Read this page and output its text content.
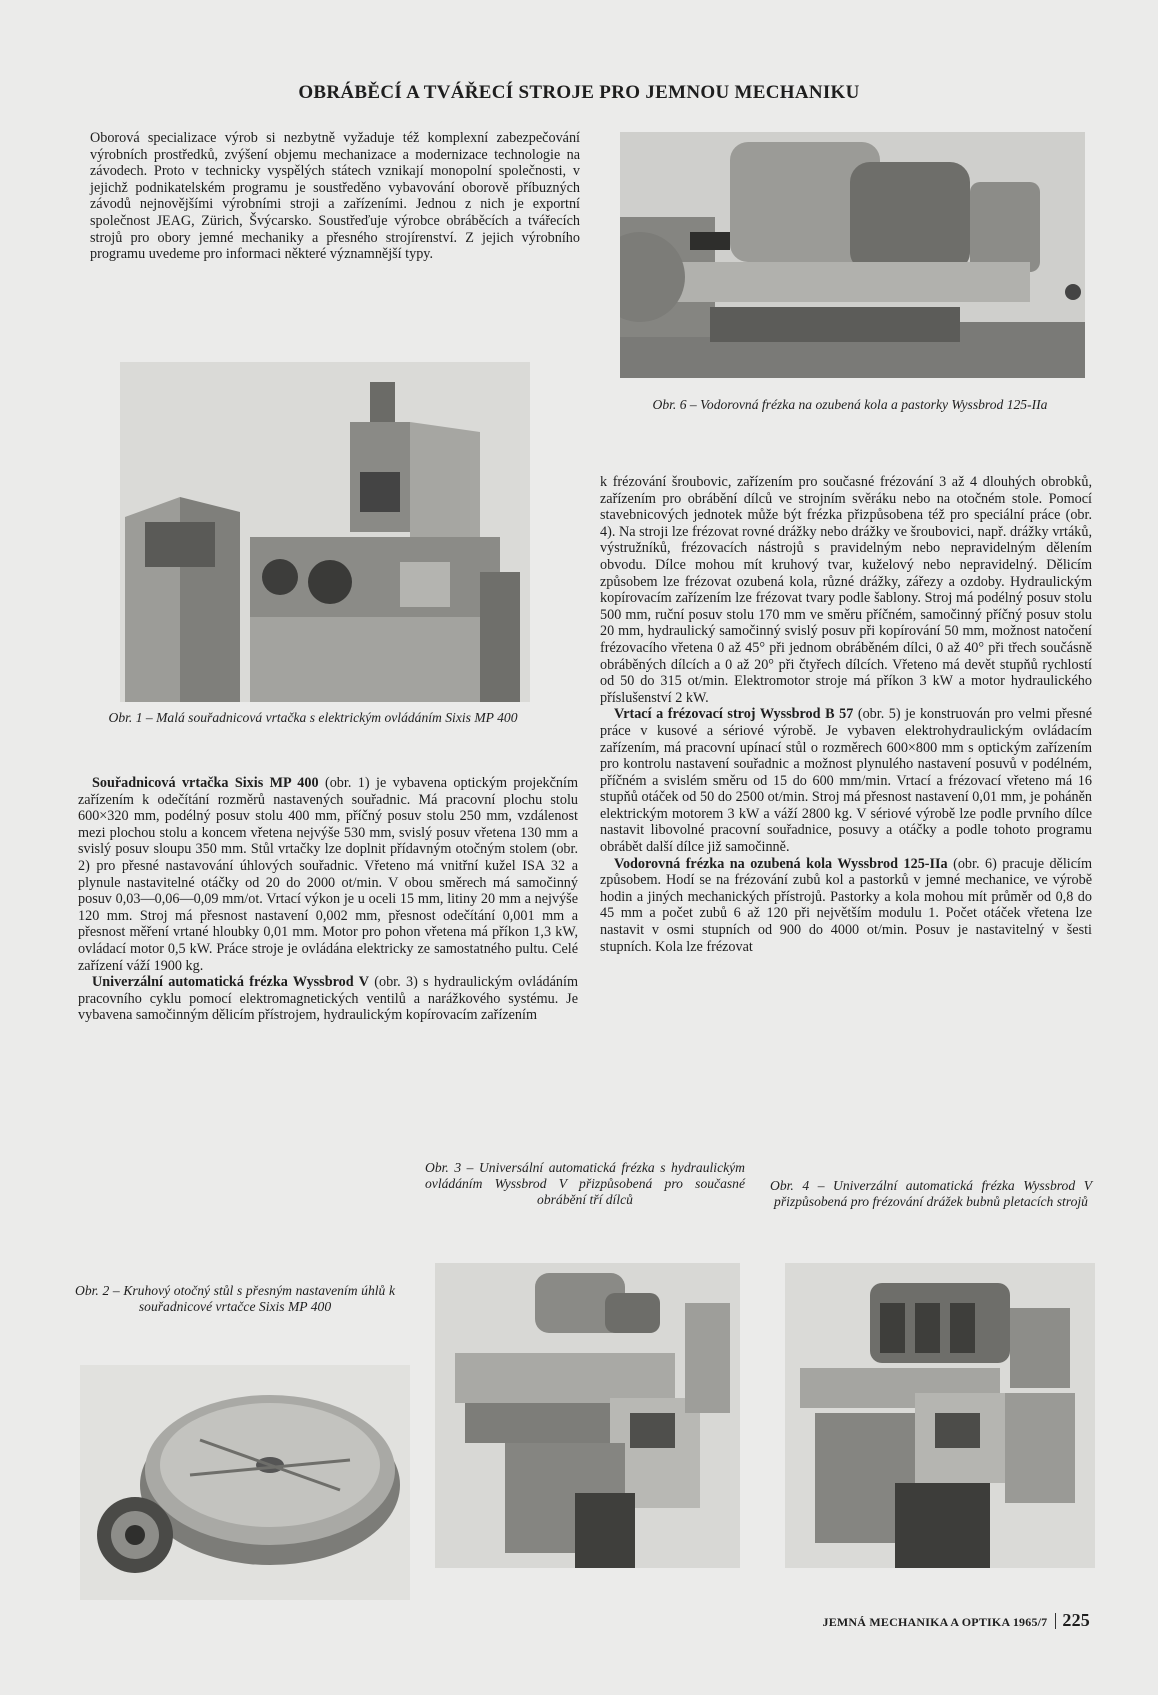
OBRÁBĚCÍ A TVÁŘECÍ STROJE PRO JEMNOU MECHANIKU

Oborová specializace výrob si nezbytně vyžaduje též komplexní zabezpečování výrobních prostředků, zvýšení objemu mechanizace a modernizace technologie na závodech. Proto v technicky vyspělých státech vznikají monopolní společnosti, v jejichž podnikatelském programu je soustředěno vybavování oborově příbuzných závodů nejnovějšími výrobními stroji a zařízeními. Jednou z nich je exportní společnost JEAG, Zürich, Švýcarsko. Soustřeďuje výrobce obráběcích a tvářecích strojů pro obory jemné mechaniky a přesného strojírenství. Z jejich výrobního programu uvedeme pro informaci některé významnější typy.

Obr. 6 – Vodorovná frézka na ozubená kola a pastorky Wyssbrod 125-IIa
Obr. 1 – Malá souřadnicová vrtačka s elektrickým ovládáním Sixis MP 400

Souřadnicová vrtačka Sixis MP 400 (obr. 1) je vybavena optickým projekčním zařízením k odečítání rozměrů nastavených souřadnic. Má pracovní plochu stolu 600×320 mm, podélný posuv stolu 400 mm, příčný posuv stolu 250 mm, vzdálenost mezi plochou stolu a koncem vřetena nejvýše 530 mm, svislý posuv vřetena 130 mm a svislý posuv sloupu 350 mm. Stůl vrtačky lze doplnit přídavným otočným stolem (obr. 2) pro přesné nastavování úhlových souřadnic. Vřeteno má vnitřní kužel ISA 32 a plynule nastavitelné otáčky od 20 do 2000 ot/min. V obou směrech má samočinný posuv 0,03—0,06—0,09 mm/ot. Vrtací výkon je u oceli 15 mm, litiny 20 mm a nejvýše 120 mm. Stroj má přesnost nastavení 0,002 mm, přesnost odečítání 0,001 mm a přesnost měření vrtané hloubky 0,01 mm. Motor pro pohon vřetena má příkon 1,3 kW, ovládací motor 0,5 kW. Práce stroje je ovládána elektricky ze samostatného pultu. Celé zařízení váží 1900 kg.

Univerzální automatická frézka Wyssbrod V (obr. 3) s hydraulickým ovládáním pracovního cyklu pomocí elektromagnetických ventilů a narážkového systému. Je vybavena samočinným dělicím přístrojem, hydraulickým kopírovacím zařízením

k frézování šroubovic, zařízením pro současné frézování 3 až 4 dlouhých obrobků, zařízením pro obrábění dílců ve strojním svěráku nebo na otočném stole. Pomocí stavebnicových jednotek může být frézka přizpůsobena též pro speciální práce (obr. 4). Na stroji lze frézovat rovné drážky nebo drážky ve šroubovici, např. drážky vrtáků, výstružníků, frézovacích nástrojů s pravidelným nebo nepravidelným dělením obvodu. Dílce mohou mít kruhový tvar, kuželový nebo nepravidelný. Dělicím způsobem lze frézovat ozubená kola, různé drážky, zářezy a ozdoby. Hydraulickým kopírovacím zařízením lze frézovat tvary podle šablony. Stroj má podélný posuv stolu 500 mm, ruční posuv stolu 170 mm ve směru příčném, samočinný příčný posuv stolu 20 mm, hydraulický samočinný svislý posuv při kopírování 50 mm, možnost natočení frézovacího vřetena 0 až 45° při jednom obráběném dílci, 0 až 40° při třech součásně obráběných dílcích a 0 až 20° při čtyřech dílcích. Vřeteno má devět stupňů rychlostí od 50 do 315 ot/min. Elektromotor stroje má příkon 3 kW a motor hydraulického příslušenství 2 kW.

Vrtací a frézovací stroj Wyssbrod B 57 (obr. 5) je konstruován pro velmi přesné práce v kusové a sériové výrobě. Je vybaven elektrohydraulickým ovládacím zařízením, má pracovní upínací stůl o rozměrech 600×800 mm s optickým zařízením pro kontrolu nastavení souřadnic a možnost plynulého nastavení posuvů v podélném, příčném a svislém směru od 15 do 600 mm/min. Vrtací a frézovací vřeteno má 16 stupňů otáček od 50 do 2500 ot/min. Stroj má přesnost nastavení 0,01 mm, je poháněn elektrickým motorem 3 kW a váží 2800 kg. V sériové výrobě lze podle prvního dílce nastavit libovolné pracovní souřadnice, posuvy a otáčky a podle tohoto programu obrábět další dílce již samočinně.

Vodorovná frézka na ozubená kola Wyssbrod 125-IIa (obr. 6) pracuje dělicím způsobem. Hodí se na frézování zubů kol a pastorků v jemné mechanice, ve výrobě hodin a jiných mechanických přístrojů. Pastorky a kola mohou mít průměr od 0,8 do 45 mm a počet zubů 6 až 120 při největším modulu 1. Počet otáček vřetena lze nastavit v osmi stupních od 900 do 4000 ot/min. Posuv je nastavitelný v šesti stupních. Kola lze frézovat

Obr. 3 – Universální automatická frézka s hydraulickým ovládáním Wyssbrod V přizpůsobená pro současné obrábění tří dílců
Obr. 4 – Univerzální automatická frézka Wyssbrod V přizpůsobená pro frézování drážek bubnů pletacích strojů
Obr. 2 – Kruhový otočný stůl s přesným nastavením úhlů k souřadnicové vrtačce Sixis MP 400
JEMNÁ MECHANIKA A OPTIKA 1965/7 225
